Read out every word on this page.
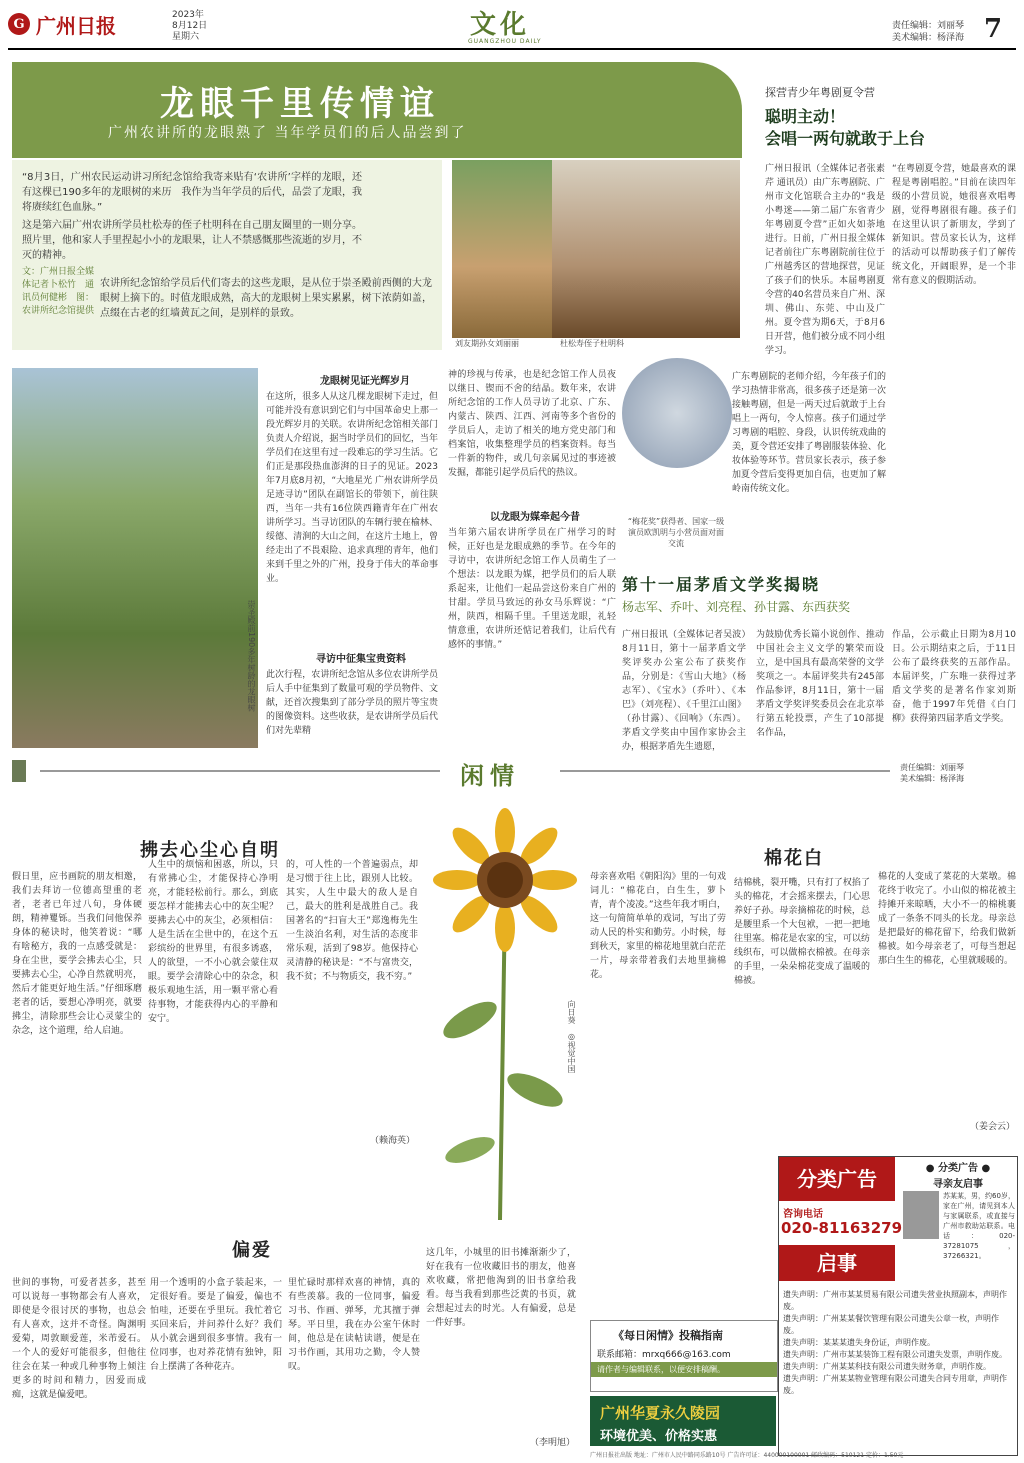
G 广州日报	2023年
8月12日
星期六	文化
GUANGZHOU DAILY
责任编辑：刘丽琴
美术编辑：杨泽海 7
龙眼千里传情谊
广州农讲所的龙眼熟了 当年学员们的后人品尝到了
“8月3日，广州农民运动讲习所纪念馆给我寄来贴有‘农讲所’字样的龙眼，还有这棵已190多年的龙眼树的来历　我作为当年学员的后代，品尝了龙眼，我将赓续红色血脉。”
这是第六届广州农讲所学员杜松寿的侄子杜明科在自己朋友圈里的一则分享。照片里，他和家人手里捏起小小的龙眼果，让人不禁感慨那些流逝的岁月，不灭的精神。
农讲所纪念馆给学员后代们寄去的这些龙眼，是从位于崇圣殿前西侧的大龙眼树上摘下的。时值龙眼成熟，高大的龙眼树上果实累累，树下浓荫如盖，点缀在古老的红墙黄瓦之间，是别样的景致。
文：广州日报全媒体记者卜松竹　通讯员何健彬　图：农讲所纪念馆提供
刘友期孙女刘丽丽	杜松寿侄子杜明科
崇圣殿前190多年树龄的龙眼树
龙眼树见证光辉岁月
在这所，很多人从这几棵龙眼树下走过，但可能并没有意识到它们与中国革命史上那一段光辉岁月的关联。农讲所纪念馆相关部门负责人介绍说，据当时学员们的回忆，当年学员们在这里有过一段难忘的学习生活。它们正是那段热血澎湃的日子的见证。2023年7月底8月初，“大地星光 广州农讲所学员足迹寻访”团队在副馆长的带领下，前往陕西，当年一共有16位陕西籍青年在广州农讲所学习。当寻访团队的车辆行驶在榆林、绥德、清涧的大山之间，在这片土地上，曾经走出了不畏艰险、追求真理的青年，他们来到千里之外的广州，投身于伟大的革命事业。
寻访中征集宝贵资料
此次行程，农讲所纪念馆从多位农讲所学员后人手中征集到了数量可观的学员物件、文献，还首次搜集到了部分学员的照片等宝贵的图像资料。这些收获，是农讲所学员后代们对先辈精
神的珍视与传承，也是纪念馆工作人员夜以继日、锲而不舍的结晶。数年来，农讲所纪念馆的工作人员寻访了北京、广东、内蒙古、陕西、江西、河南等多个省份的学员后人，走访了相关的地方党史部门和档案馆，收集整理学员的档案资料。每当一件新的物件，或几句亲属见过的事迹被发掘，都能引起学员后代的热议。
以龙眼为媒牵起今昔
当年第六届农讲所学员在广州学习的时候，正好也是龙眼成熟的季节。在今年的寻访中，农讲所纪念馆工作人员萌生了一个想法：以龙眼为媒，把学员们的后人联系起来，让他们一起品尝这份来自广州的甘甜。学员马致远的孙女马乐辉说：“广州，陕西，相隔千里。千里送龙眼，礼轻情意重，农讲所还惦记着我们，让后代有感怀的事情。”
探营青少年粤剧夏令营
聪明主动！
会唱一两句就敢于上台
广州日报讯（全媒体记者张素芹 通讯员）由广东粤剧院、广州市文化馆联合主办的“我是小粤迷——第二届广东省青少年粤剧夏令营”正如火如荼地进行。日前，广州日报全媒体记者前往广东粤剧院前往位于广州越秀区的营地探营，见证了孩子们的快乐。本届粤剧夏令营的40名营员来自广州、深圳、佛山、东莞、中山及广州。夏令营为期6天，于8月6日开营，他们被分成不同小组学习。
广东粤剧院的老师介绍，今年孩子们的学习热情非常高，很多孩子还是第一次接触粤剧，但是一两天过后就敢于上台唱上一两句，令人惊喜。孩子们通过学习粤剧的唱腔、身段，认识传统戏曲的美，夏令营还安排了粤剧服装体验、化妆体验等环节。营员家长表示，孩子参加夏令营后变得更加自信，也更加了解岭南传统文化。
“在粤剧夏令营，她最喜欢的课程是粤剧唱腔。”目前在读四年级的小营员说，她很喜欢唱粤剧，觉得粤剧很有趣。孩子们在这里认识了新朋友，学到了新知识。营员家长认为，这样的活动可以帮助孩子们了解传统文化，开阔眼界，是一个非常有意义的假期活动。
“梅花奖”获得者、国家一级演员欧凯明与小营员面对面交流
第十一届茅盾文学奖揭晓
杨志军、乔叶、刘亮程、孙甘露、东西获奖
广州日报讯（全媒体记者吴波）8月11日，第十一届茅盾文学奖评奖办公室公布了获奖作品，分别是：《雪山大地》（杨志军）、《宝水》（乔叶）、《本巴》（刘亮程）、《千里江山图》（孙甘露）、《回响》（东西）。茅盾文学奖由中国作家协会主办，根据茅盾先生遗愿，
为鼓励优秀长篇小说创作、推动中国社会主义文学的繁荣而设立，是中国具有最高荣誉的文学奖项之一。本届评奖共有245部作品参评，8月11日，第十一届茅盾文学奖评奖委员会在北京举行第五轮投票，产生了10部提名作品，
作品，公示截止日期为8月10日。公示期结束之后，于11日公布了最终获奖的五部作品。本届评奖，广东唯一获得过茅盾文学奖的是著名作家刘斯奋，他于1997年凭借《白门柳》获得第四届茅盾文学奖。
闲情	责任编辑：刘丽琴
美术编辑：杨泽海
拂去心尘心自明
假日里，应书画院的朋友相邀，我们去拜访一位德高望重的老者，老者已年过八旬，身体硬朗，精神矍铄。当我们问他保养身体的秘诀时，他笑着说：“哪有啥秘方，我的一点感受就是：身在尘世，要学会拂去心尘，只要拂去心尘，心净自然就明亮，然后才能更好地生活。”仔细琢磨老者的话，要想心净明亮，就要拂尘，清除那些会让心灵蒙尘的杂念，这个道理，给人启迪。
人生中的烦恼和困惑，所以，只有常拂心尘，才能保持心净明亮，才能轻松前行。那么，到底要怎样才能拂去心中的灰尘呢？要拂去心中的灰尘，必须相信：人是生活在尘世中的，在这个五彩缤纷的世界里，有很多诱惑，人的欲望，一不小心就会蒙住双眼。要学会清除心中的杂念，积极乐观地生活，用一颗平常心看待事物，才能获得内心的平静和安宁。
的，可人性的一个普遍弱点，却是习惯于往上比，跟别人比较。其实，人生中最大的敌人是自己，最大的胜利是战胜自己。我国著名的“扫盲大王”郑逸梅先生一生淡泊名利，对生活的态度非常乐观，活到了98岁。他保持心灵清静的秘诀是：“不与富贵交，我不贫；不与物质交，我不穷。”
（赖海英）
向日葵　◎视觉中国
偏爱
世间的事物，可爱者甚多，甚至可以说每一事物都会有人喜欢，即使是令很讨厌的事物，也总会有人喜欢，这并不奇怪。陶渊明爱菊，周敦颐爱莲，米芾爱石。一个人的爱好可能很多，但他往往会在某一种或几种事物上倾注更多的时间和精力，因爱而成痴，这就是偏爱吧。
用一个透明的小盒子装起来，一定很好看。要是了偏爱，偏也不怕哇，还要在乎里玩。我忙着它买回来后，并问养什么好？我们从小就会遇到很多事情。我有一位同事，也对养花情有独钟，阳台上摆满了各种花卉。
里忙碌时那样欢喜的神情，真的有些羡慕。我的一位同事，偏爱习书、作画、弹琴，尤其擅于弹琴。平日里，我在办公室午休时间，他总是在读帖读谱，便是在习书作画，其用功之勤，令人赞叹。
这几年，小城里的旧书摊渐渐少了，好在我有一位收藏旧书的朋友，他喜欢收藏，常把他淘到的旧书拿给我看。每当我看到那些泛黄的书页，就会想起过去的时光。人有偏爱，总是一件好事。
（李明旭）
棉花白
母亲喜欢唱《朝阳沟》里的一句戏词儿：“棉花白，白生生，萝卜青，青个凌凌。”这些年我才明白，这一句简简单单的戏词，写出了劳动人民的朴实和勤劳。小时候，每到秋天，家里的棉花地里就白茫茫一片，母亲带着我们去地里摘棉花。
结棉桃，裂开嘴，只有打了权掐了头的棉花，才会摇来摆去，门心思养好子孙。母亲摘棉花的时候，总是腰里系一个大包袱，一把一把地往里塞。棉花是农家的宝，可以纺线织布，可以做棉衣棉被。在母亲的手里，一朵朵棉花变成了温暖的棉被。
棉花的人变成了菜花的大菜墩。棉花终于收完了。小山似的棉花被主持摊开来晾晒，大小不一的棉桃裹成了一条条不同头的长龙。母亲总是把最好的棉花留下，给我们做新棉被。如今母亲老了，可每当想起那白生生的棉花，心里就暖暖的。
（姜会云）
《每日闲情》投稿指南
联系邮箱：mrxq666@163.com
请作者与编辑联系，以便安排稿酬。
广州华夏永久陵园
环境优美、价格实惠
分类广告
咨询电话
020-81163279
启事
● 分类广告 ●
寻亲友启事
苏某某，男，约60岁，家在广州，请见到本人与家属联系，或直接与广州市救助站联系。电话：020-37281075，37266321。
遗失声明：广州市某某贸易有限公司遗失营业执照副本，声明作废。
遗失声明：广州某某餐饮管理有限公司遗失公章一枚，声明作废。
遗失声明：某某某遗失身份证，声明作废。
遗失声明：广州市某某装饰工程有限公司遗失发票，声明作废。
遗失声明：广州某某科技有限公司遗失财务章，声明作废。
遗失声明：广州某某物业管理有限公司遗失合同专用章，声明作废。
广州日报社出版 地址：广州市人民中路同乐路10号 广告许可证：440000100001 邮政编码：510121 定价：1.50元
